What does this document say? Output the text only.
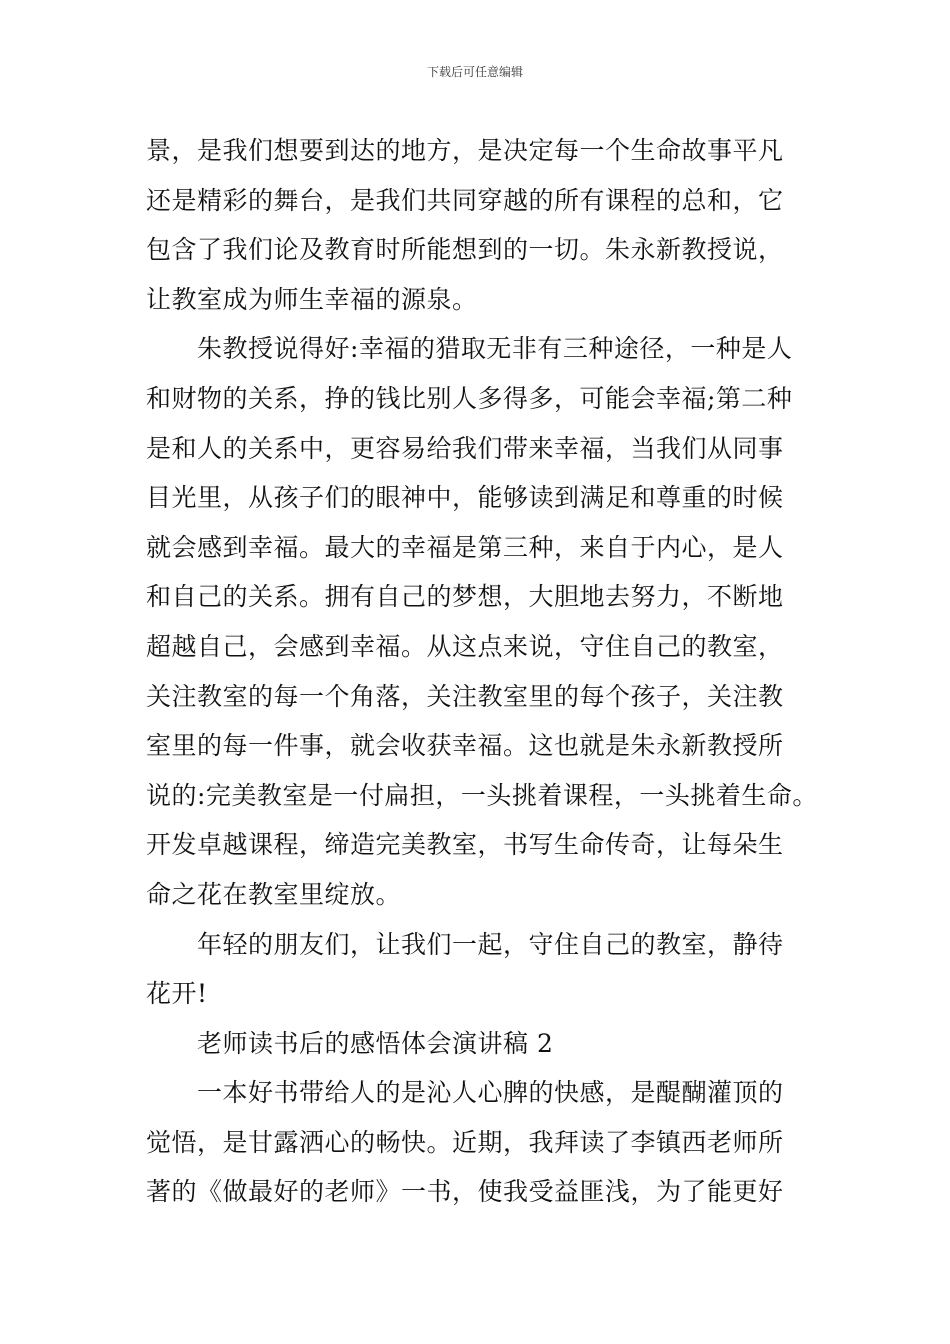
下载后可任意编辑
景，是我们想要到达的地方，是决定每一个生命故事平凡
还是精彩的舞台，是我们共同穿越的所有课程的总和，它
包含了我们论及教育时所能想到的一切。朱永新教授说，
让教室成为师生幸福的源泉。
　　朱教授说得好:幸福的猎取无非有三种途径，一种是人
和财物的关系，挣的钱比别人多得多，可能会幸福;第二种
是和人的关系中，更容易给我们带来幸福，当我们从同事
目光里，从孩子们的眼神中，能够读到满足和尊重的时候
就会感到幸福。最大的幸福是第三种，来自于内心，是人
和自己的关系。拥有自己的梦想，大胆地去努力，不断地
超越自己，会感到幸福。从这点来说，守住自己的教室，
关注教室的每一个角落，关注教室里的每个孩子，关注教
室里的每一件事，就会收获幸福。这也就是朱永新教授所
说的:完美教室是一付扁担，一头挑着课程，一头挑着生命。
开发卓越课程，缔造完美教室，书写生命传奇，让每朵生
命之花在教室里绽放。
　　年轻的朋友们，让我们一起，守住自己的教室，静待
花开!
　　老师读书后的感悟体会演讲稿 2
　　一本好书带给人的是沁人心脾的快感，是醍醐灌顶的
觉悟，是甘露洒心的畅快。近期，我拜读了李镇西老师所
著的《做最好的老师》一书，使我受益匪浅，为了能更好
